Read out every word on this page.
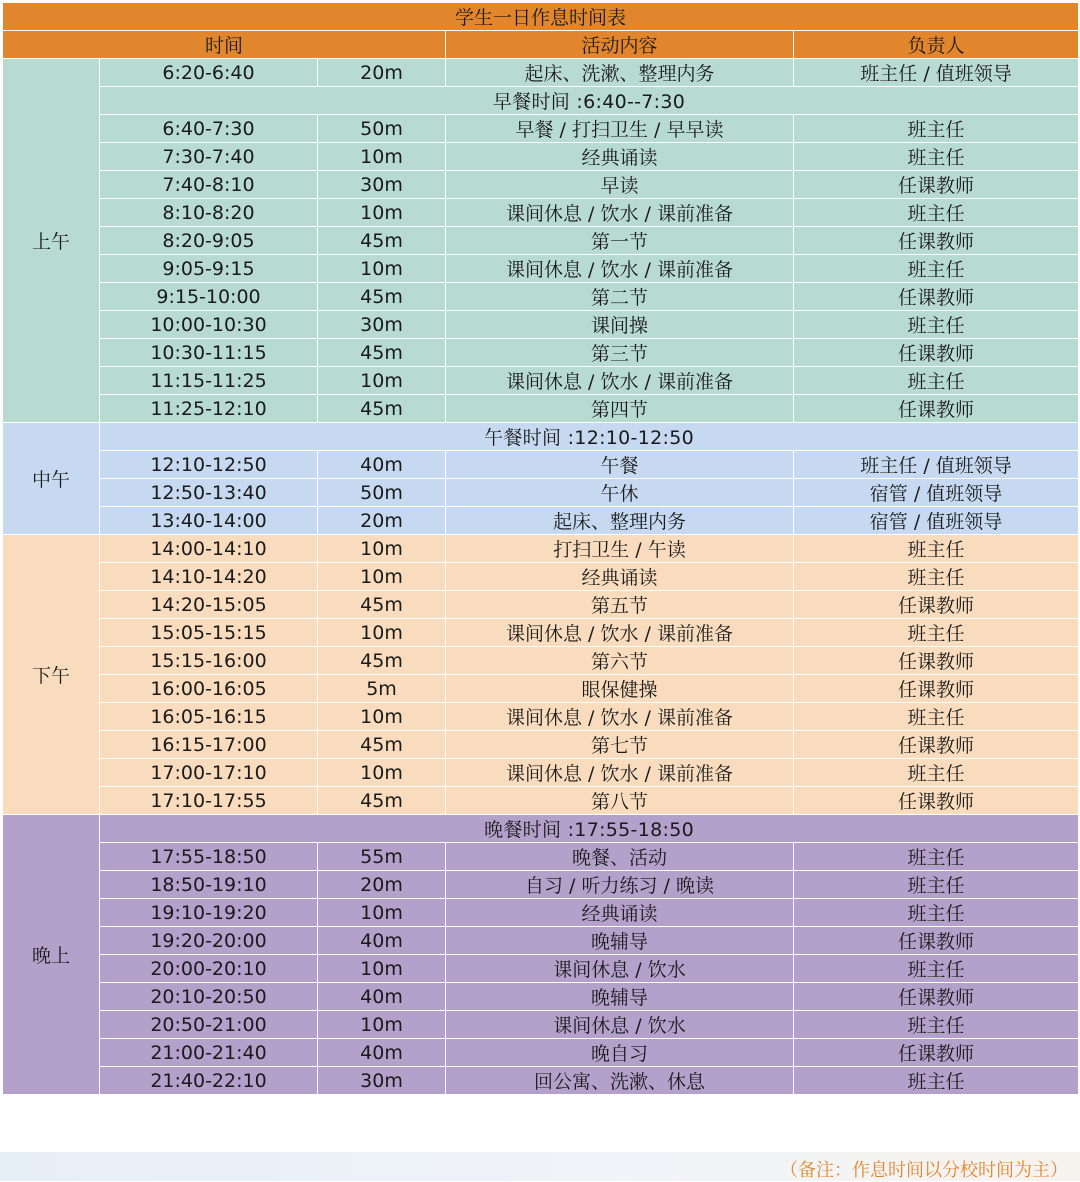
学生一日作息时间表				
时间			活动内容	负责人
上午	6:20-6:40	20m	起床、洗漱、整理内务	班主任 / 值班领导
	早餐时间 :6:40--7:30			
	6:40-7:30	50m	早餐 / 打扫卫生 / 早早读	班主任
	7:30-7:40	10m	经典诵读	班主任
	7:40-8:10	30m	早读	任课教师
	8:10-8:20	10m	课间休息 / 饮水 / 课前准备	班主任
	8:20-9:05	45m	第一节	任课教师
	9:05-9:15	10m	课间休息 / 饮水 / 课前准备	班主任
	9:15-10:00	45m	第二节	任课教师
	10:00-10:30	30m	课间操	班主任
	10:30-11:15	45m	第三节	任课教师
	11:15-11:25	10m	课间休息 / 饮水 / 课前准备	班主任
	11:25-12:10	45m	第四节	任课教师
中午	午餐时间 :12:10-12:50			
	12:10-12:50	40m	午餐	班主任 / 值班领导
	12:50-13:40	50m	午休	宿管 / 值班领导
	13:40-14:00	20m	起床、整理内务	宿管 / 值班领导
下午	14:00-14:10	10m	打扫卫生 / 午读	班主任
	14:10-14:20	10m	经典诵读	班主任
	14:20-15:05	45m	第五节	任课教师
	15:05-15:15	10m	课间休息 / 饮水 / 课前准备	班主任
	15:15-16:00	45m	第六节	任课教师
	16:00-16:05	5m	眼保健操	任课教师
	16:05-16:15	10m	课间休息 / 饮水 / 课前准备	班主任
	16:15-17:00	45m	第七节	任课教师
	17:00-17:10	10m	课间休息 / 饮水 / 课前准备	班主任
	17:10-17:55	45m	第八节	任课教师
晚上	晚餐时间 :17:55-18:50			
	17:55-18:50	55m	晚餐、活动	班主任
	18:50-19:10	20m	自习 / 听力练习 / 晚读	班主任
	19:10-19:20	10m	经典诵读	班主任
	19:20-20:00	40m	晚辅导	任课教师
	20:00-20:10	10m	课间休息 / 饮水	班主任
	20:10-20:50	40m	晚辅导	任课教师
	20:50-21:00	10m	课间休息 / 饮水	班主任
	21:00-21:40	40m	晚自习	任课教师
	21:40-22:10	30m	回公寓、洗漱、休息	班主任
（备注：作息时间以分校时间为主）
